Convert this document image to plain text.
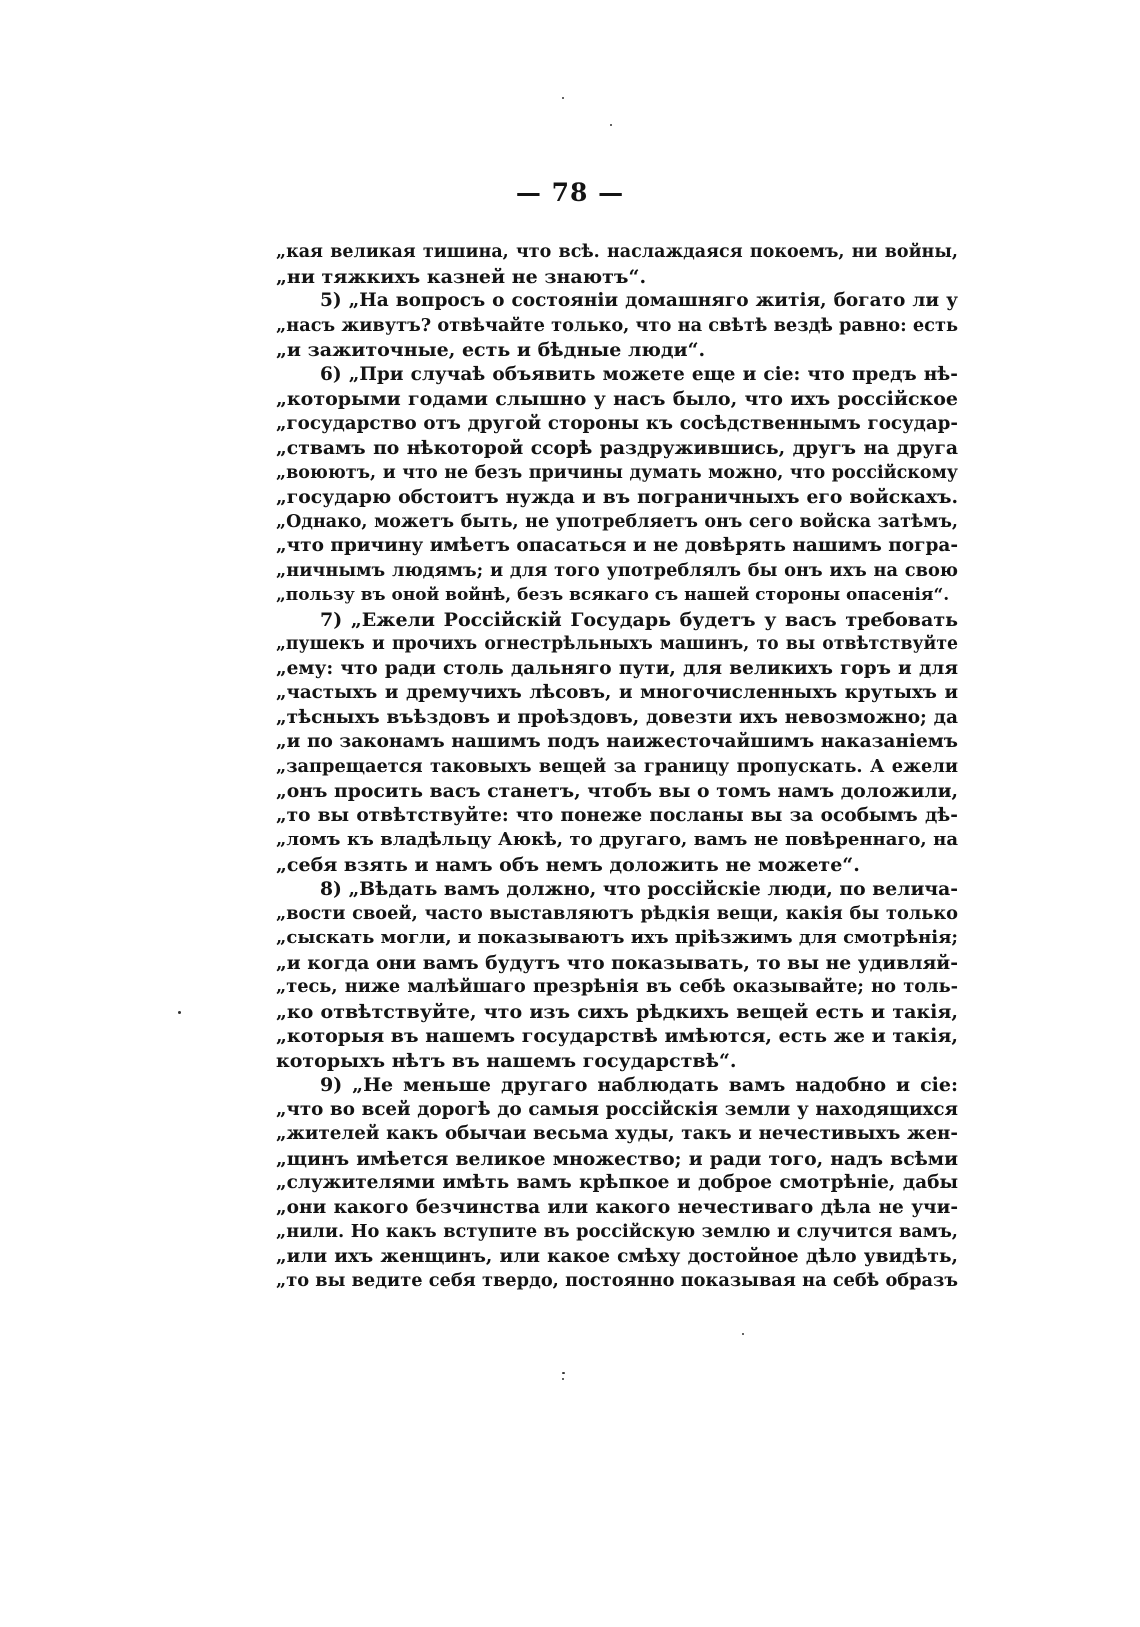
— 78 —
„кая великая тишина, что всѣ. наслаждаяся покоемъ, ни войны,
„ни тяжкихъ казней не знаютъ“.
5) „На вопросъ о состоянiи домашняго житія, богато ли у
„насъ живутъ? отвѣчайте только, что на свѣтѣ вездѣ равно: есть
„и зажиточные, есть и бѣдные люди“.
6) „При случаѣ объявить можете еще и сіе: что предъ нѣ-
„которыми годами слышно у насъ было, что ихъ россійское
„государство отъ другой стороны къ сосѣдственнымъ государ-
„ствамъ по нѣкоторой ссорѣ раздружившись, другъ на друга
„воюютъ, и что не безъ причины думать можно, что россійскому
„государю обстоитъ нужда и въ пограничныхъ его войскахъ.
„Однако, можетъ быть, не употребляетъ онъ сего войска затѣмъ,
„что причину имѣетъ опасаться и не довѣрять нашимъ погра-
„ничнымъ людямъ; и для того употреблялъ бы онъ ихъ на свою
„пользу въ оной войнѣ, безъ всякаго съ нашей стороны опасенія“.
7) „Ежели Россійскій Государь будетъ у васъ требовать
„пушекъ и прочихъ огнестрѣльныхъ машинъ, то вы отвѣтствуйте
„ему: что ради столь дальняго пути, для великихъ горъ и для
„частыхъ и дремучихъ лѣсовъ, и многочисленныхъ крутыхъ и
„тѣсныхъ въѣздовъ и проѣздовъ, довезти ихъ невозможно; да
„и по законамъ нашимъ подъ наижесточайшимъ наказаніемъ
„запрещается таковыхъ вещей за границу пропускать. А ежели
„онъ просить васъ станетъ, чтобъ вы о томъ намъ доложили,
„то вы отвѣтствуйте: что понеже посланы вы за особымъ дѣ-
„ломъ къ владѣльцу Аюкѣ, то другаго, вамъ не повѣреннаго, на
„себя взять и намъ объ немъ доложить не можете“.
8) „Вѣдать вамъ должно, что россійскіе люди, по велича-
„вости своей, часто выставляютъ рѣдкія вещи, какія бы только
„сыскать могли, и показываютъ ихъ пріѣзжимъ для смотрѣнія;
„и когда они вамъ будутъ что показывать, то вы не удивляй-
„тесь, ниже малѣйшаго презрѣнія въ себѣ оказывайте; но толь-
„ко отвѣтствуйте, что изъ сихъ рѣдкихъ вещей есть и такія,
„которыя въ нашемъ государствѣ имѣются, есть же и такія,
которыхъ нѣтъ въ нашемъ государствѣ“.
9) „Не меньше другаго наблюдать вамъ надобно и сіе:
„что во всей дорогѣ до самыя россійскія земли у находящихся
„жителей какъ обычаи весьма худы, такъ и нечестивыхъ жен-
„щинъ имѣется великое множество; и ради того, надъ всѣми
„служителями имѣть вамъ крѣпкое и доброе смотрѣніе, дабы
„они какого безчинства или какого нечестиваго дѣла не учи-
„нили. Но какъ вступите въ россійскую землю и случится вамъ,
„или ихъ женщинъ, или какое смѣху достойное дѣло увидѣть,
„то вы ведите себя твердо, постоянно показывая на себѣ образъ
